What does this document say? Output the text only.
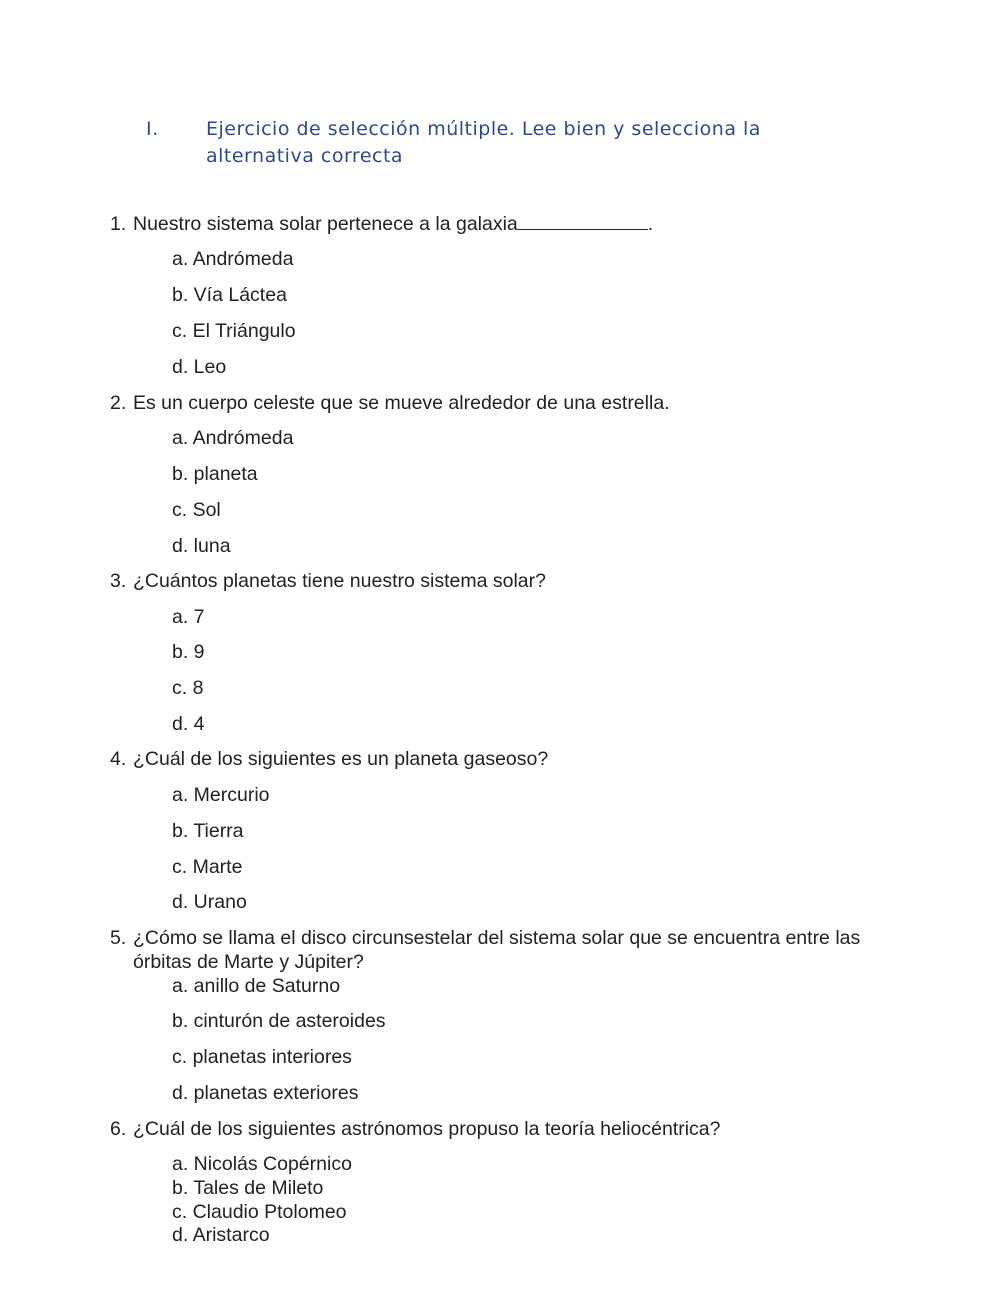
I. Ejercicio de selección múltiple. Lee bien y selecciona la alternativa correcta
1. Nuestro sistema solar pertenece a la galaxia	.
a. Andrómeda
b. Vía Láctea
c. El Triángulo
d. Leo
2. Es un cuerpo celeste que se mueve alrededor de una estrella.
a. Andrómeda
b. planeta
c. Sol
d. luna
3. ¿Cuántos planetas tiene nuestro sistema solar?
a. 7
b. 9
c. 8
d. 4
4. ¿Cuál de los siguientes es un planeta gaseoso?
a. Mercurio
b. Tierra
c. Marte
d. Urano
5. ¿Cómo se llama el disco circunsestelar del sistema solar que se encuentra entre las órbitas de Marte y Júpiter?
a. anillo de Saturno
b. cinturón de asteroides
c. planetas interiores
d. planetas exteriores
6. ¿Cuál de los siguientes astrónomos propuso la teoría heliocéntrica?
a. Nicolás Copérnico
b. Tales de Mileto
c. Claudio Ptolomeo
d. Aristarco
